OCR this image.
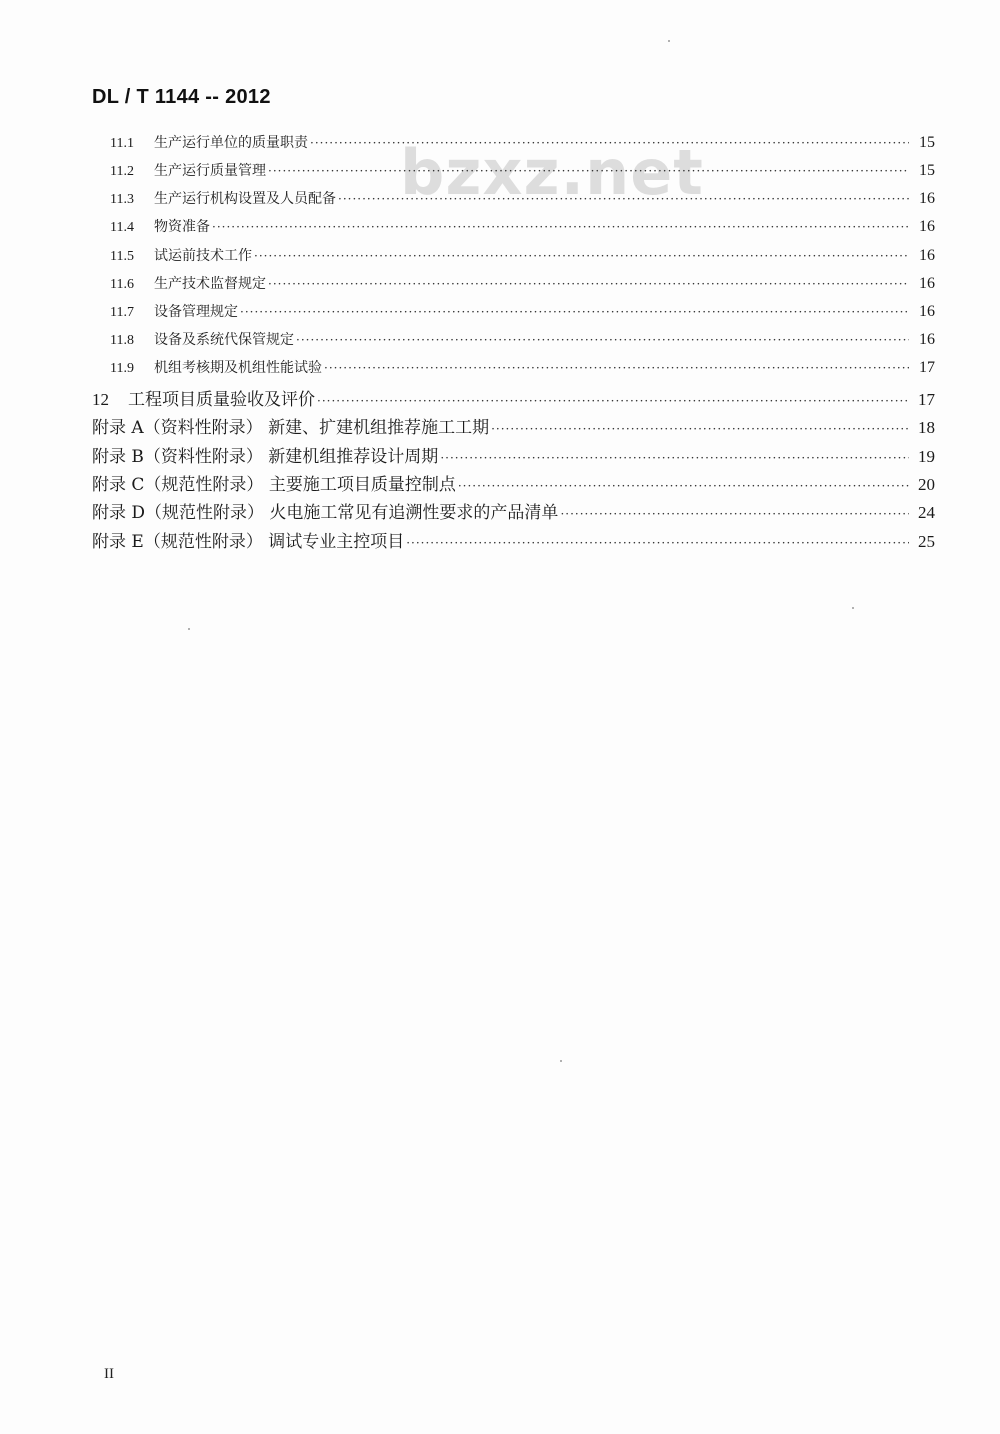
DL / T 1144 -- 2012
bzxz.net
11.1	生产运行单位的质量职责 ·····	15
11.2	生产运行质量管理 ·····	15
11.3	生产运行机构设置及人员配备 ·····	16
11.4	物资准备 ·····	16
11.5	试运前技术工作 ·····	16
11.6	生产技术监督规定 ·····	16
11.7	设备管理规定 ·····	16
11.8	设备及系统代保管规定 ·····	16
11.9	机组考核期及机组性能试验 ·····	17
12	工程项目质量验收及评价 ·····	17
附录 A（资料性附录） 新建、扩建机组推荐施工工期 ·····	18
附录 B（资料性附录） 新建机组推荐设计周期 ·····	19
附录 C（规范性附录） 主要施工项目质量控制点 ·····	20
附录 D（规范性附录） 火电施工常见有追溯性要求的产品清单 ·····	24
附录 E（规范性附录） 调试专业主控项目 ·····	25
II
